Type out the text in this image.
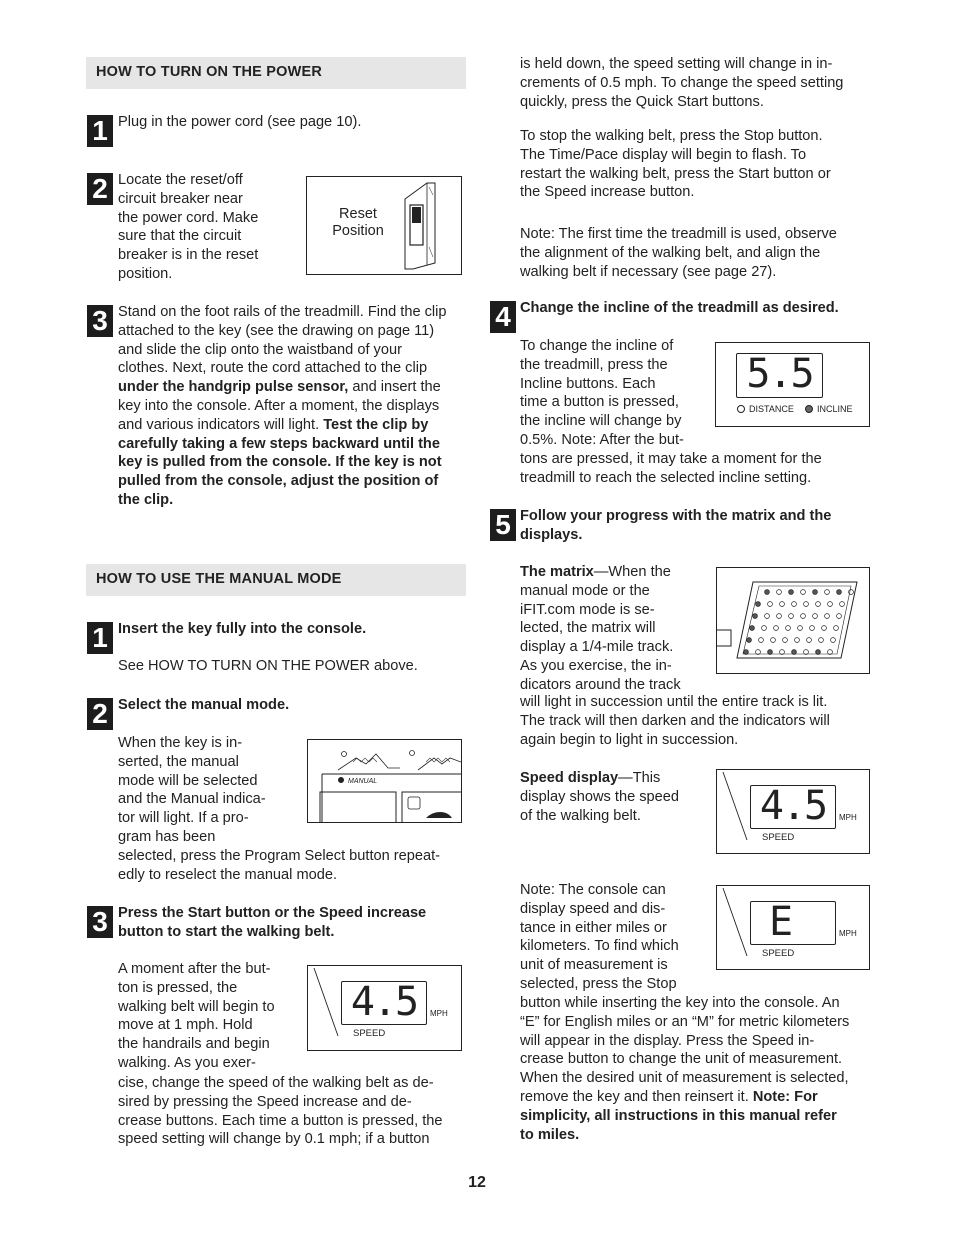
HOW TO TURN ON THE POWER
1 Plug in the power cord (see page 10).
2 Locate the reset/off
circuit breaker near
the power cord. Make
sure that the circuit
breaker is in the reset
position.
Reset
Position
3 Stand on the foot rails of the treadmill. Find the clip
attached to the key (see the drawing on page 11)
and slide the clip onto the waistband of your
clothes. Next, route the cord attached to the clip
under the handgrip pulse sensor, and insert the
key into the console. After a moment, the displays
and various indicators will light. Test the clip by
carefully taking a few steps backward until the
key is pulled from the console. If the key is not
pulled from the console, adjust the position of
the clip.
HOW TO USE THE MANUAL MODE
1 Insert the key fully into the console.
See HOW TO TURN ON THE POWER above.
2 Select the manual mode.
When the key is in-
serted, the manual
mode will be selected
and the Manual indica-
tor will light. If a pro-
gram has been
selected, press the Program Select button repeat-
edly to reselect the manual mode.
MANUAL
3 Press the Start button or the Speed increase
button to start the walking belt.
A moment after the but-
ton is pressed, the
walking belt will begin to
move at 1 mph. Hold
the handrails and begin
walking. As you exer-
cise, change the speed of the walking belt as de-
sired by pressing the Speed increase and de-
crease buttons. Each time a button is pressed, the
speed setting will change by 0.1 mph; if a button
4.5	MPH
SPEED
is held down, the speed setting will change in in-
crements of 0.5 mph. To change the speed setting
quickly, press the Quick Start buttons.
To stop the walking belt, press the Stop button.
The Time/Pace display will begin to flash. To
restart the walking belt, press the Start button or
the Speed increase button.
Note: The first time the treadmill is used, observe
the alignment of the walking belt, and align the
walking belt if necessary (see page 27).
4 Change the incline of the treadmill as desired.
To change the incline of
the treadmill, press the
Incline buttons. Each
time a button is pressed,
the incline will change by
0.5%. Note: After the but-
tons are pressed, it may take a moment for the
treadmill to reach the selected incline setting.
5.5
DISTANCE	INCLINE
5 Follow your progress with the matrix and the
displays.
The matrix—When the
manual mode or the
iFIT.com mode is se-
lected, the matrix will
display a 1/4-mile track.
As you exercise, the in-
dicators around the track
will light in succession until the entire track is lit.
The track will then darken and the indicators will
again begin to light in succession.
Speed display—This
display shows the speed
of the walking belt.	4.5	MPH
SPEED
Note: The console can
display speed and dis-
tance in either miles or
kilometers. To find which
unit of measurement is
selected, press the Stop
button while inserting the key into the console. An
“E” for English miles or an “M” for metric kilometers
will appear in the display. Press the Speed in-
crease button to change the unit of measurement.
When the desired unit of measurement is selected,
remove the key and then reinsert it. Note: For
simplicity, all instructions in this manual refer
to miles.
E	MPH
SPEED
12
